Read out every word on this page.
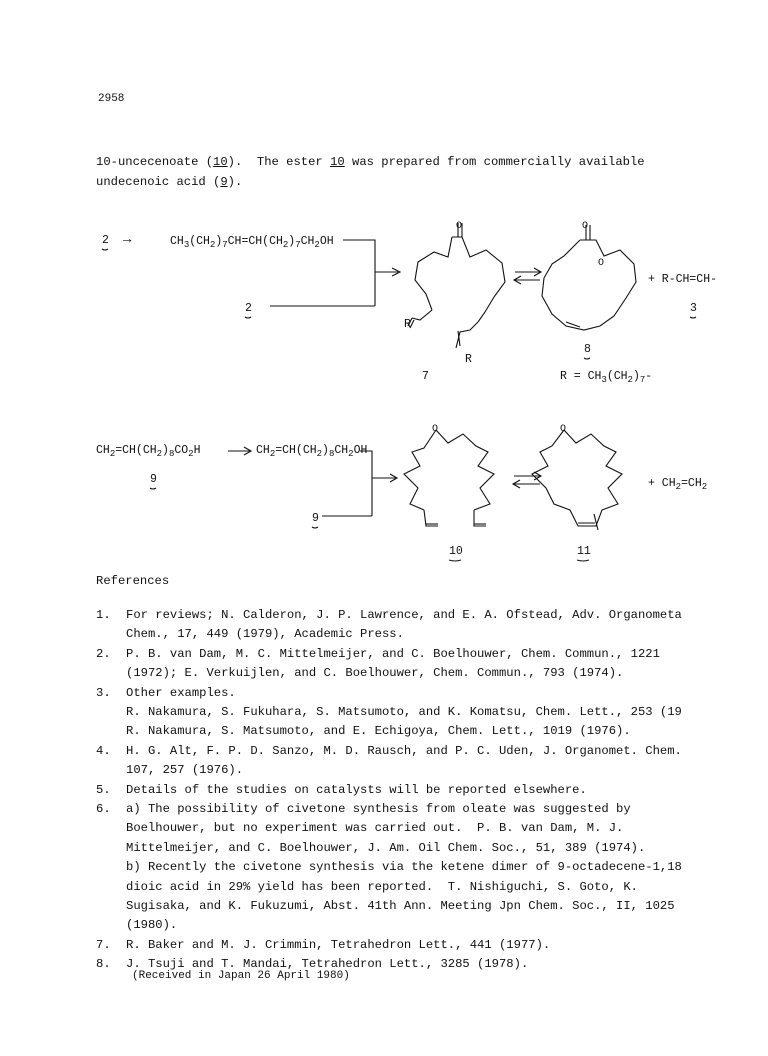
2958
10-uncecenoate (10).  The ester 10 was prepared from commercially available
undecenoic acid (9).
2 →	$CH_3(CH_2)_7CH=CH(CH_2)_7CH_2OH$
2
R
R
7
8
+ R-CH=CH-
3
$R = CH_3(CH_2)_7-$
O	O
O
$CH_2=CH(CH_2)_8CO_2H$	$CH_2=CH(CH_2)_8CH_2OH$
9
9
10	11
+ $CH_2=CH_2$
O	O
References
1. For reviews; N. Calderon, J. P. Lawrence, and E. A. Ofstead, Adv. Organometa
Chem., 17, 449 (1979), Academic Press.
2. P. B. van Dam, M. C. Mittelmeijer, and C. Boelhouwer, Chem. Commun., 1221
(1972); E. Verkuijlen, and C. Boelhouwer, Chem. Commun., 793 (1974).
3. Other examples.
R. Nakamura, S. Fukuhara, S. Matsumoto, and K. Komatsu, Chem. Lett., 253 (19
R. Nakamura, S. Matsumoto, and E. Echigoya, Chem. Lett., 1019 (1976).
4. H. G. Alt, F. P. D. Sanzo, M. D. Rausch, and P. C. Uden, J. Organomet. Chem.
107, 257 (1976).
5. Details of the studies on catalysts will be reported elsewhere.
6. a) The possibility of civetone synthesis from oleate was suggested by
Boelhouwer, but no experiment was carried out.  P. B. van Dam, M. J.
Mittelmeijer, and C. Boelhouwer, J. Am. Oil Chem. Soc., 51, 389 (1974).
b) Recently the civetone synthesis via the ketene dimer of 9-octadecene-1,18
dioic acid in 29% yield has been reported.  T. Nishiguchi, S. Goto, K.
Sugisaka, and K. Fukuzumi, Abst. 41th Ann. Meeting Jpn Chem. Soc., II, 1025
(1980).
7. R. Baker and M. J. Crimmin, Tetrahedron Lett., 441 (1977).
8. J. Tsuji and T. Mandai, Tetrahedron Lett., 3285 (1978).
(Received in Japan 26 April 1980)
